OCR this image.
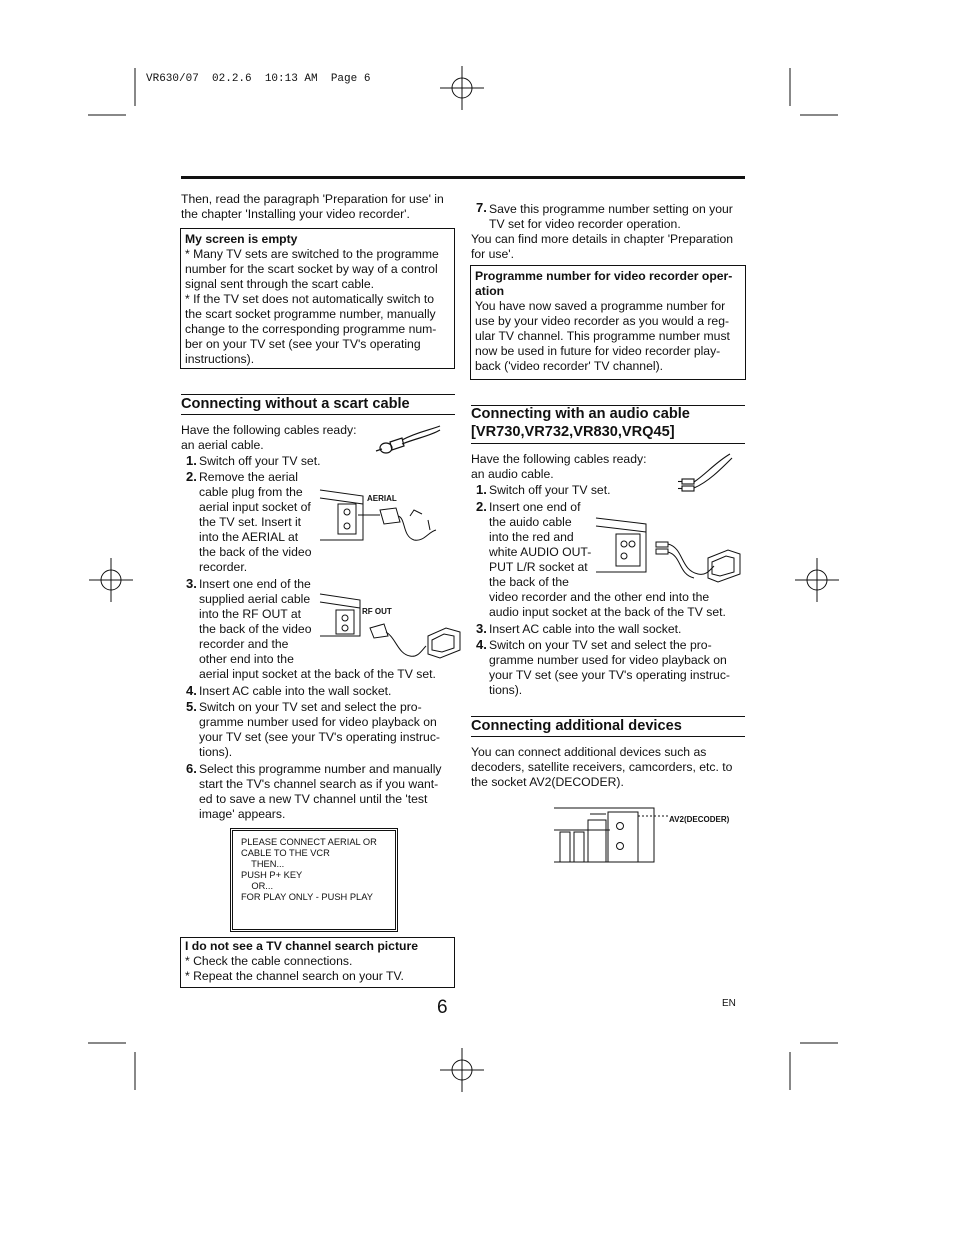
VR630/07  02.2.6  10:13 AM  Page 6
Then, read the paragraph 'Preparation for use' in the chapter 'Installing your video recorder'.
My screen is empty
* Many TV sets are switched to the programme
number for the scart socket by way of a control
signal sent through the scart cable.
* If the TV set does not automatically switch to
the scart socket programme number, manually
change to the corresponding programme num-
ber on your TV set (see your TV's operating
instructions).
Connecting without a scart cable
Have the following cables ready:
an aerial cable.
1. Switch off your TV set.
2. Remove the aerial
cable plug from the
aerial input socket of
the TV set. Insert it
into the AERIAL at
the back of the video
recorder.
AERIAL
3. Insert one end of the
supplied aerial cable
into the RF OUT at
the back of the video
recorder and the
other end into the
aerial input socket at the back of the TV set.
RF OUT
4. Insert AC cable into the wall socket.
5. Switch on your TV set and select the pro-
gramme number used for video playback on
your TV set (see your TV's operating instruc-
tions).
6. Select this programme number and manually
start the TV's channel search as if you want-
ed to save a new TV channel until the 'test
image' appears.
PLEASE CONNECT AERIAL OR
CABLE TO THE VCR
THEN...
PUSH P+ KEY
OR...
FOR PLAY ONLY - PUSH PLAY
I do not see a TV channel search picture
* Check the cable connections.
* Repeat the channel search on your TV.
7. Save this programme number setting on your
TV set for video recorder operation.
You can find more details in chapter 'Preparation
for use'.
Programme number for video recorder oper-
ation
You have now saved a programme number for
use by your video recorder as you would a reg-
ular TV channel. This programme number must
now be used in future for video recorder play-
back ('video recorder' TV channel).
Connecting with an audio cable
[VR730,VR732,VR830,VRQ45]
Have the following cables ready:
an audio cable.
1. Switch off your TV set.
2. Insert one end of
the auido cable
into the red and
white AUDIO OUT-
PUT L/R socket at
the back of the
video recorder and the other end into the
audio input socket at the back of the TV set.
3. Insert AC cable into the wall socket.
4. Switch on your TV set and select the pro-
gramme number used for video playback on
your TV set (see your TV's operating instruc-
tions).
Connecting additional devices
You can connect additional devices such as
decoders, satellite receivers, camcorders, etc. to
the socket AV2(DECODER).
AV2(DECODER)
6	EN
